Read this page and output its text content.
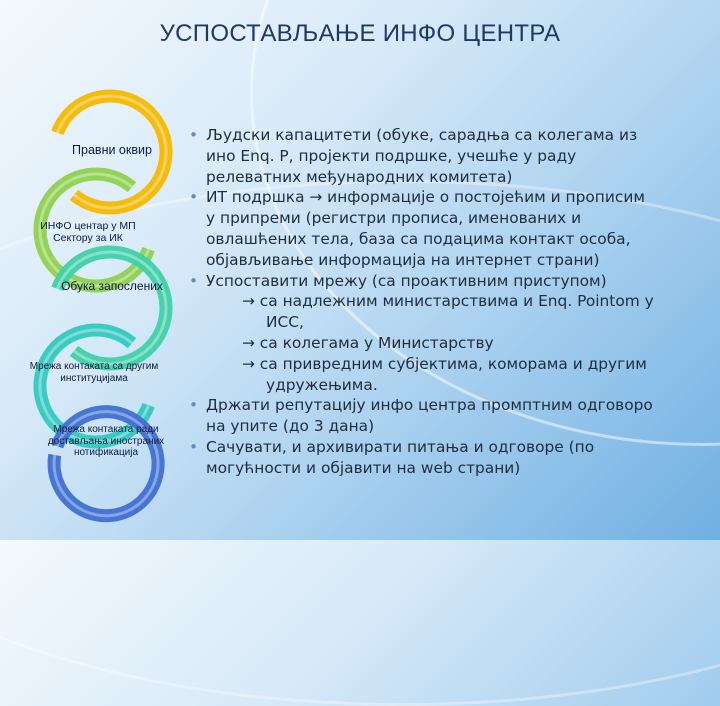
УСПОСТАВЉАЊЕ ИНФО ЦЕНТРА
Правни оквир
ИНФО центар у МП Сектору за ИК
Обука запослених
Мрежа контаката са другим институцијама
Мрежа контаката ради достављања иностраних нотификација
• Људски капацитети (обуке, сарадња са колегама из
ино Enq. P, пројекти подршке, учешће у раду
релеватних међународних комитета)
• ИТ подршка → информације о постојећим и прописим
у припреми (регистри прописа, именованих и
овлашћених тела, база са подацима контакт особа,
објављивање информација на интернет страни)
• Успоставити мрежу (са проактивним приступом)
→ са надлежним министарствима и Enq. Pointom у
ИСС,
→ са колегама у Министарству
→ са привредним субјектима, коморама и другим
удружењима.
• Држати репутацију инфо центра промптним одговоро
на упите (до 3 дана)
• Сачувати, и архивирати питања и одговоре (по
могућности и објавити на web страни)
